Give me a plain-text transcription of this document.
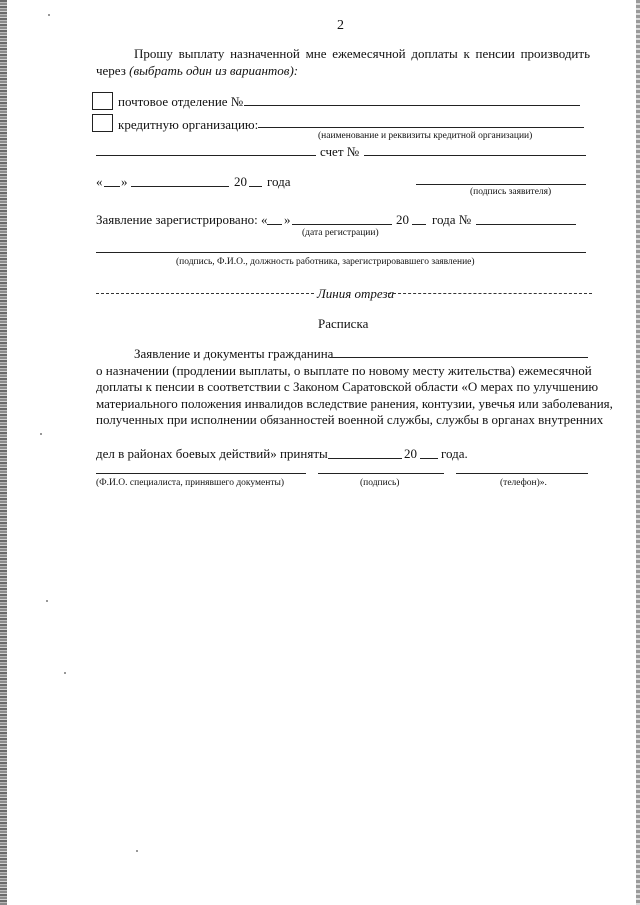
2
Прошу выплату назначенной мне ежемесячной доплаты к пенсии производить
через (выбрать один из вариантов):
почтовое отделение №
кредитную организацию:
(наименование и реквизиты кредитной организации)
счет №
« »	20 года
(подпись заявителя)
Заявление зарегистрировано: « »	20 года №
(дата регистрации)
(подпись, Ф.И.О., должность работника, зарегистрировавшего заявление)
Линия отреза
Расписка
Заявление и документы гражданина
о назначении (продлении выплаты, о выплате по новому месту жительства) ежемесячной
доплаты к пенсии в соответствии с Законом Саратовской области «О мерах по улучшению
материального положения инвалидов вследствие ранения, контузии, увечья или заболевания,
полученных при исполнении обязанностей военной службы, службы в органах внутренних
дел в районах боевых действий» приняты	20 года.
(Ф.И.О. специалиста, принявшего документы)	(подпись)	(телефон)».
